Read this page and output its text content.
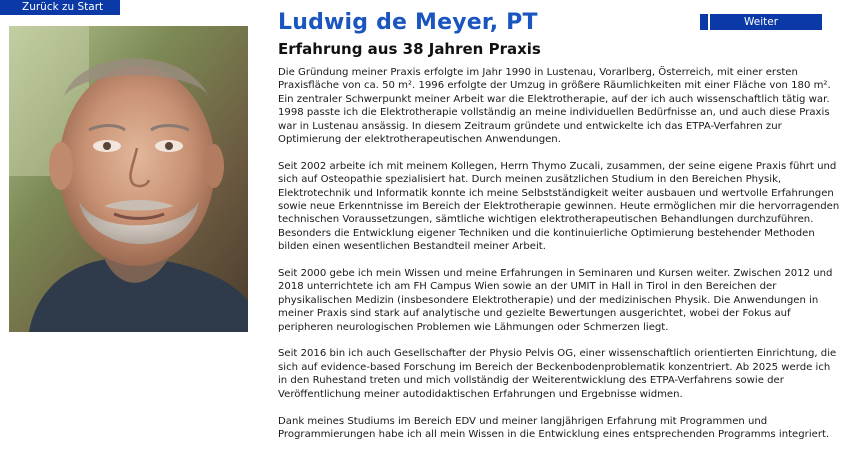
Zurück zu Start
Weiter
Ludwig de Meyer, PT
Erfahrung aus 38 Jahren Praxis

Die Gründung meiner Praxis erfolgte im Jahr 1990 in Lustenau, Vorarlberg, Österreich, mit einer ersten Praxisfläche von ca. 50 m². 1996 erfolgte der Umzug in größere Räumlichkeiten mit einer Fläche von 180 m². Ein zentraler Schwerpunkt meiner Arbeit war die Elektrotherapie, auf der ich auch wissenschaftlich tätig war. 1998 passte ich die Elektrotherapie vollständig an meine individuellen Bedürfnisse an, und auch diese Praxis war in Lustenau ansässig. In diesem Zeitraum gründete und entwickelte ich das ETPA-Verfahren zur Optimierung der elektrotherapeutischen Anwendungen.

Seit 2002 arbeite ich mit meinem Kollegen, Herrn Thymo Zucali, zusammen, der seine eigene Praxis führt und sich auf Osteopathie spezialisiert hat. Durch meinen zusätzlichen Studium in den Bereichen Physik, Elektrotechnik und Informatik konnte ich meine Selbstständigkeit weiter ausbauen und wertvolle Erfahrungen sowie neue Erkenntnisse im Bereich der Elektrotherapie gewinnen. Heute ermöglichen mir die hervorragenden technischen Voraussetzungen, sämtliche wichtigen elektrotherapeutischen Behandlungen durchzuführen. Besonders die Entwicklung eigener Techniken und die kontinuierliche Optimierung bestehender Methoden bilden einen wesentlichen Bestandteil meiner Arbeit.

Seit 2000 gebe ich mein Wissen und meine Erfahrungen in Seminaren und Kursen weiter. Zwischen 2012 und 2018 unterrichtete ich am FH Campus Wien sowie an der UMIT in Hall in Tirol in den Bereichen der physikalischen Medizin (insbesondere Elektrotherapie) und der medizinischen Physik. Die Anwendungen in meiner Praxis sind stark auf analytische und gezielte Bewertungen ausgerichtet, wobei der Fokus auf peripheren neurologischen Problemen wie Lähmungen oder Schmerzen liegt.

Seit 2016 bin ich auch Gesellschafter der Physio Pelvis OG, einer wissenschaftlich orientierten Einrichtung, die sich auf evidence-based Forschung im Bereich der Beckenbodenproblematik konzentriert. Ab 2025 werde ich in den Ruhestand treten und mich vollständig der Weiterentwicklung des ETPA-Verfahrens sowie der Veröffentlichung meiner autodidaktischen Erfahrungen und Ergebnisse widmen.

Dank meines Studiums im Bereich EDV und meiner langjährigen Erfahrung mit Programmen und Programmierungen habe ich all mein Wissen in die Entwicklung eines entsprechenden Programms integriert.
